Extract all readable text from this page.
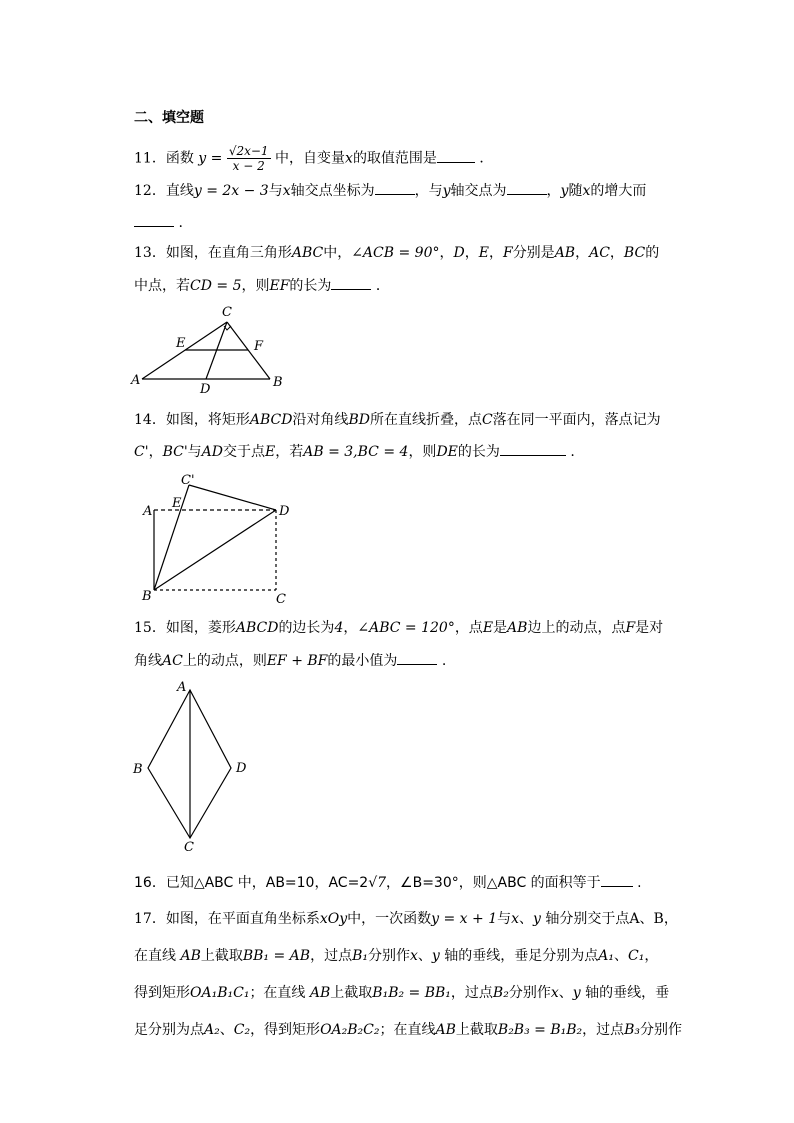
二、填空题
11．函数 $y = \frac{√2x-1}{x - 2}$ 中，自变量x的取值范围是	．
12．直线y = 2x − 3与x轴交点坐标为	，与y轴交点为	，y随x的增大而
.
13．如图，在直角三角形ABC中，∠ACB = 90°，D，E，F分别是AB，AC，BC的
中点，若CD = 5，则EF的长为	．
A	B
C
D
E	F
14．如图，将矩形ABCD沿对角线BD所在直线折叠，点C落在同一平面内，落点记为
C'，BC'与AD交于点E，若AB = 3,BC = 4，则DE的长为	.
A
B	C
D
E
C'
15．如图，菱形ABCD的边长为4，∠ABC = 120°，点E是AB边上的动点，点F是对
角线AC上的动点，则EF + BF的最小值为	.
A
B
C
D
16．已知△ABC 中，AB=10，AC=2√7，∠B=30°，则△ABC 的面积等于 .
17．如图，在平面直角坐标系xOy中，一次函数y = x + 1与x、y 轴分别交于点A、B，
在直线 AB上截取BB₁ = AB，过点B₁分别作x、y 轴的垂线，垂足分别为点A₁、C₁，
得到矩形OA₁B₁C₁；在直线 AB上截取B₁B₂ = BB₁，过点B₂分别作x、y 轴的垂线，垂
足分别为点A₂、C₂，得到矩形OA₂B₂C₂；在直线AB上截取B₂B₃ = B₁B₂，过点B₃分别作
